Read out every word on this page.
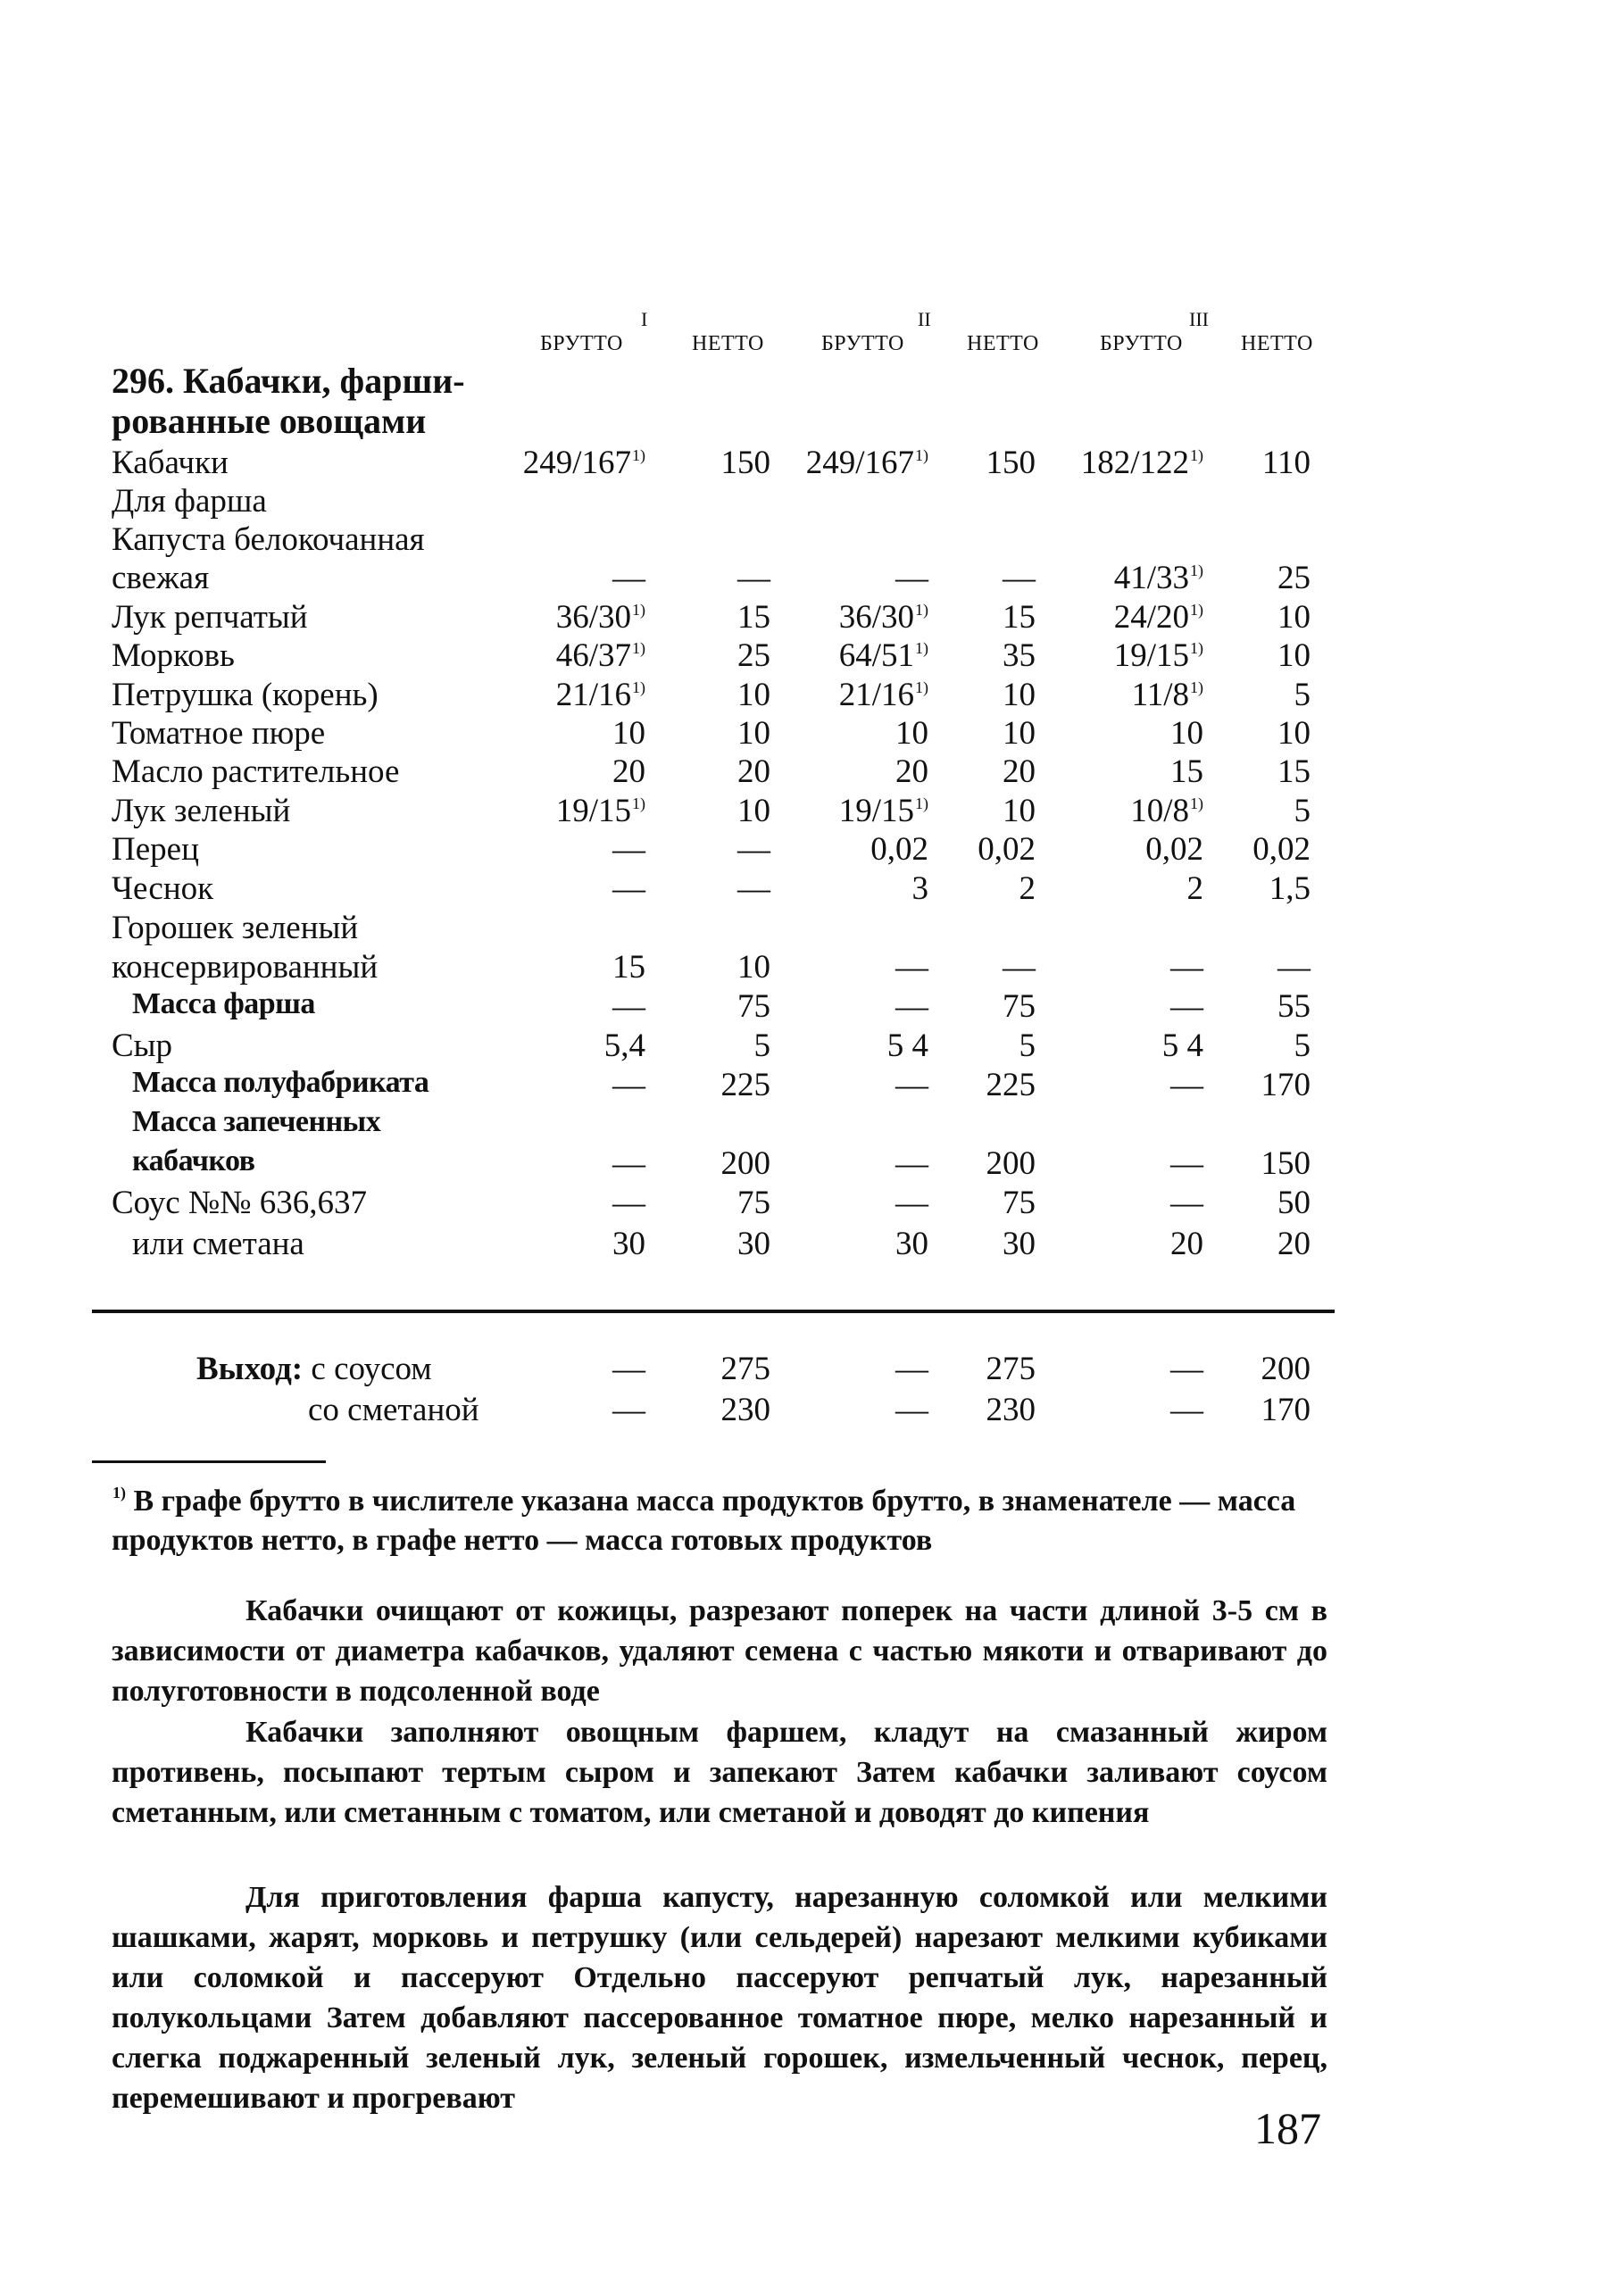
I	II	III
БРУТТО	НЕТТО	БРУТТО	НЕТТО	БРУТТО	НЕТТО
296. Кабачки, фарши-
рованные овощами
Кабачки	249/167$^{1)}$	150	249/167$^{1)}$	150	182/122$^{1)}$	110
Для фарша
Капуста белокочанная
свежая	—	—	—	—	41/33$^{1)}$	25
Лук репчатый	36/30$^{1)}$	15	36/30$^{1)}$	15	24/20$^{1)}$	10
Морковь	46/37$^{1)}$	25	64/51$^{1)}$	35	19/15$^{1)}$	10
Петрушка (корень)	21/16$^{1)}$	10	21/16$^{1)}$	10	11/8$^{1)}$	5
Томатное пюре	10	10	10	10	10	10
Масло растительное	20	20	20	20	15	15
Лук зеленый	19/15$^{1)}$	10	19/15$^{1)}$	10	10/8$^{1)}$	5
Перец	—	—	0,02	0,02	0,02	0,02
Чеснок	—	—	3	2	2	1,5
Горошек зеленый
консервированный	15	10	—	—	—	—
Масса фарша	—	75	—	75	—	55
Сыр	5,4	5	5 4	5	5 4	5
Масса полуфабриката	—	225	—	225	—	170
Масса запеченных
кабачков	—	200	—	200	—	150
Соус №№ 636,637	—	75	—	75	—	50
или сметана	30	30	30	30	20	20
Выход: с соусом	—	275	—	275	—	200
со сметаной	—	230	—	230	—	170
$^{1)}$ В графе брутто в числителе указана масса продуктов брутто, в знаменателе — масса продуктов нетто, в графе нетто — масса готовых продуктов
Кабачки очищают от кожицы, разрезают поперек на части длиной 3-5 см в зависимости от диаметра кабачков, удаляют семена с частью мякоти и отваривают до полуготовности в подсоленной воде
Кабачки заполняют овощным фаршем, кладут на смазанный жиром противень, посыпают тертым сыром и запекают Затем кабачки заливают соусом сметанным, или сметанным с томатом, или сметаной и доводят до кипения
Для приготовления фарша капусту, нарезанную соломкой или мелкими шашками, жарят, морковь и петрушку (или сельдерей) нарезают мелкими кубиками или соломкой и пассеруют Отдельно пассеруют репчатый лук, нарезанный полукольцами Затем добавляют пассерованное томатное пюре, мелко нарезанный и слегка поджаренный зеленый лук, зеленый горошек, измельченный чеснок, перец, перемешивают и прогревают
187
